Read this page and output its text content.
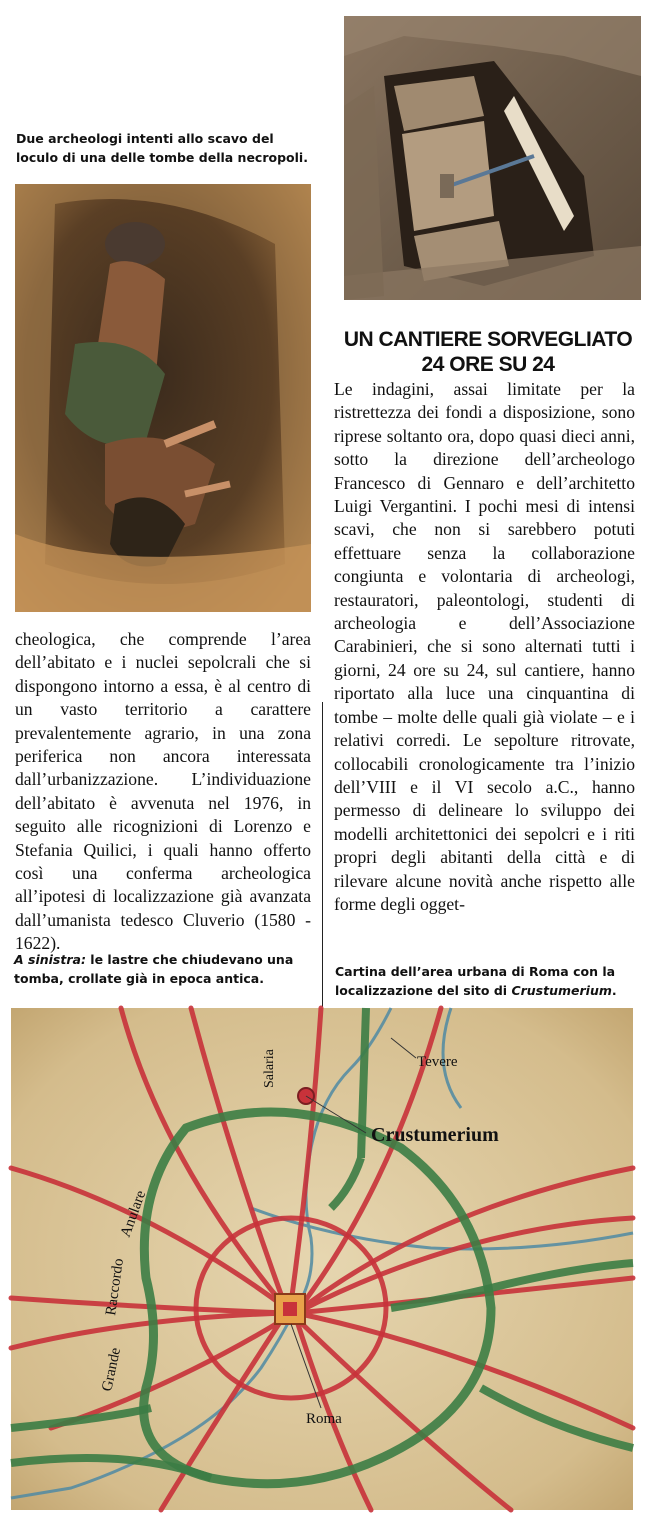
Due archeologi intenti allo scavo del loculo di una delle tombe della necropoli.
UN CANTIERE SORVEGLIATO
24 ORE SU 24
Le indagini, assai limitate per la ristrettezza dei fondi a disposizione, sono riprese soltanto ora, dopo quasi dieci anni, sotto la direzione dell’archeologo Francesco di Gennaro e dell’architetto Luigi Vergantini. I pochi mesi di intensi scavi, che non si sarebbero potuti effettuare senza la collaborazione congiunta e volontaria di archeologi, restauratori, paleontologi, studenti di archeologia e dell’Associazione Carabinieri, che si sono alternati tutti i giorni, 24 ore su 24, sul cantiere, hanno riportato alla luce una cinquantina di tombe – molte delle quali già violate – e i relativi corredi. Le sepolture ritrovate, collocabili cronologicamente tra l’inizio dell’VIII e il VI secolo a.C., hanno permesso di delineare lo sviluppo dei modelli architettonici dei sepolcri e i riti propri degli abitanti della città e di rilevare alcune novità anche rispetto alle forme degli ogget-
cheologica, che comprende l’area dell’abitato e i nuclei sepolcrali che si dispongono intorno a essa, è al centro di un vasto territorio a carattere prevalentemente agrario, in una zona periferica non ancora interessata dall’urbanizzazione. L’individuazione dell’abitato è avvenuta nel 1976, in seguito alle ricognizioni di Lorenzo e Stefania Quilici, i quali hanno offerto così una conferma archeologica all’ipotesi di localizzazione già avanzata dall’umanista tedesco Cluverio (1580 - 1622).
A sinistra: le lastre che chiudevano una tomba, crollate già in epoca antica.	Cartina dell’area urbana di Roma con la localizzazione del sito di Crustumerium.
Tevere
Crustumerium
Roma
Salaria
Grande
Raccordo
Anulare
